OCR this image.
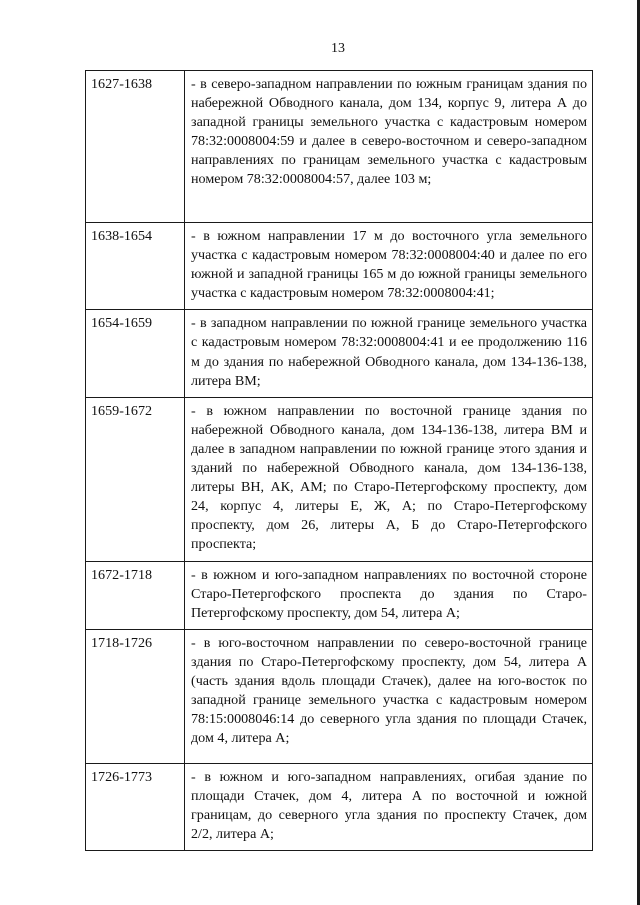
13
1627-1638	- в северо-западном направлении по южным границам здания по набережной Обводного канала, дом 134, корпус 9, литера А до западной границы земельного участка с кадастровым номером 78:32:0008004:59 и далее в северо-восточном и северо-западном направлениях по границам земельного участка с кадастровым номером 78:32:0008004:57, далее 103 м;
1638-1654	- в южном направлении 17 м до восточного угла земельного участка с кадастровым номером 78:32:0008004:40 и далее по его южной и западной границы 165 м до южной границы земельного участка с кадастровым номером 78:32:0008004:41;
1654-1659	- в западном направлении по южной границе земельного участка с кадастровым номером 78:32:0008004:41 и ее продолжению 116 м до здания по набережной Обводного канала, дом 134-136-138, литера ВМ;
1659-1672	- в южном направлении по восточной границе здания по набережной Обводного канала, дом 134-136-138, литера ВМ и далее в западном направлении по южной границе этого здания и зданий по набережной Обводного канала, дом 134-136-138, литеры ВН, АК, АМ; по Старо-Петергофскому проспекту, дом 24, корпус 4, литеры Е, Ж, А; по Старо-Петергофскому проспекту, дом 26, литеры А, Б до Старо-Петергофского проспекта;
1672-1718	- в южном и юго-западном направлениях по восточной стороне Старо-Петергофского проспекта до здания по Старо-Петергофскому проспекту, дом 54, литера А;
1718-1726	- в юго-восточном направлении по северо-восточной границе здания по Старо-Петергофскому проспекту, дом 54, литера А (часть здания вдоль площади Стачек), далее на юго-восток по западной границе земельного участка с кадастровым номером 78:15:0008046:14 до северного угла здания по площади Стачек, дом 4, литера А;
1726-1773	- в южном и юго-западном направлениях, огибая здание по площади Стачек, дом 4, литера А по восточной и южной границам, до северного угла здания по проспекту Стачек, дом 2/2, литера А;
